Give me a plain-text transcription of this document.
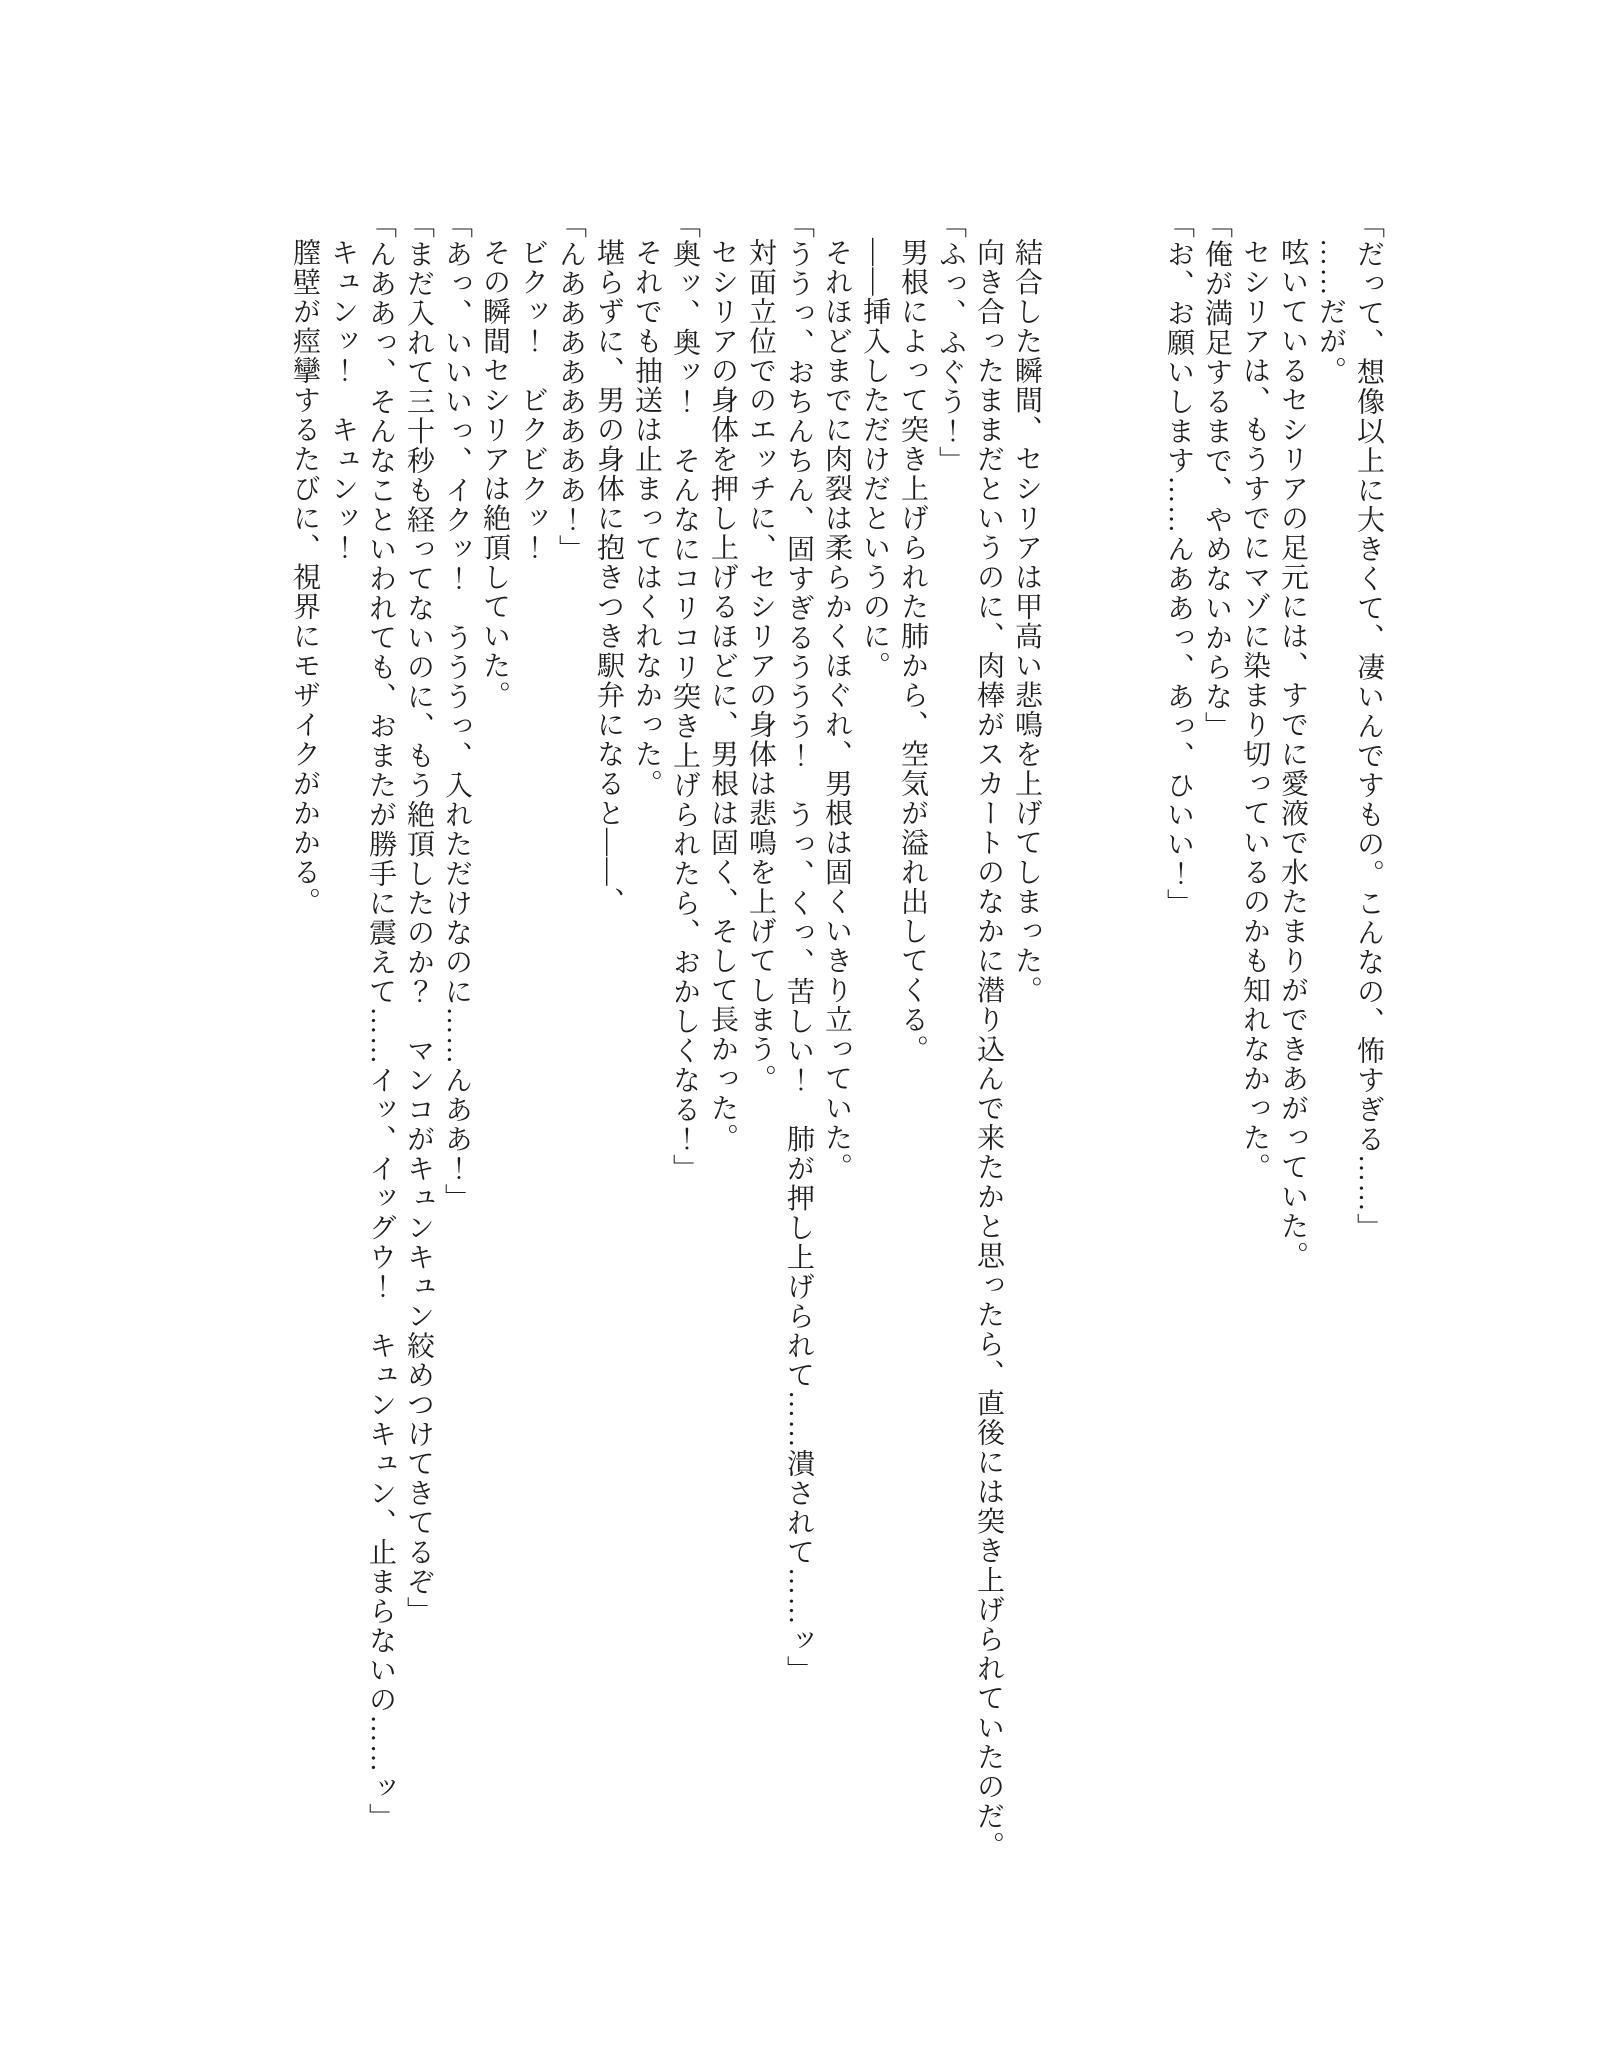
「だって、想像以上に大きくて、凄いんですもの。こんなの、怖すぎる……」

……だが。

呟いているセシリアの足元には、すでに愛液で水たまりができあがっていた。

セシリアは、もうすでにマゾに染まり切っているのかも知れなかった。

「俺が満足するまで、やめないからな」

「お、お願いします……んああっ、あっ、ひいい！」

結合した瞬間、セシリアは甲高い悲鳴を上げてしまった。

向き合ったままだというのに、肉棒がスカートのなかに潜り込んで来たかと思ったら、直後には突き上げられていたのだ。

「ふっ、ふぐう！」

男根によって突き上げられた肺から、空気が溢れ出してくる。

――挿入しただけだというのに。

それほどまでに肉裂は柔らかくほぐれ、男根は固くいきり立っていた。

「ううっ、おちんちん、固すぎるううう！　うっ、くっ、苦しい！　肺が押し上げられて……潰されて……ッ」

対面立位でのエッチに、セシリアの身体は悲鳴を上げてしまう。

セシリアの身体を押し上げるほどに、男根は固く、そして長かった。

「奥ッ、奥ッ！　そんなにコリコリ突き上げられたら、おかしくなる！」

それでも抽送は止まってはくれなかった。

堪らずに、男の身体に抱きつき駅弁になると――、

「んああああああああ！」

ビクッ！　ビクビクッ！

その瞬間セシリアは絶頂していた。

「あっ、いいいっ、イクッ！　うううっ、入れただけなのに……んああ！」

「まだ入れて三十秒も経ってないのに、もう絶頂したのか？　マンコがキュンキュン絞めつけてきてるぞ」

「んああっ、そんなこといわれても、おまたが勝手に震えて……イッ、イッグウ！　キュンキュン、止まらないの……ッ」

キュンッ！　キュンッ！

膣壁が痙攣するたびに、視界にモザイクがかかる。
